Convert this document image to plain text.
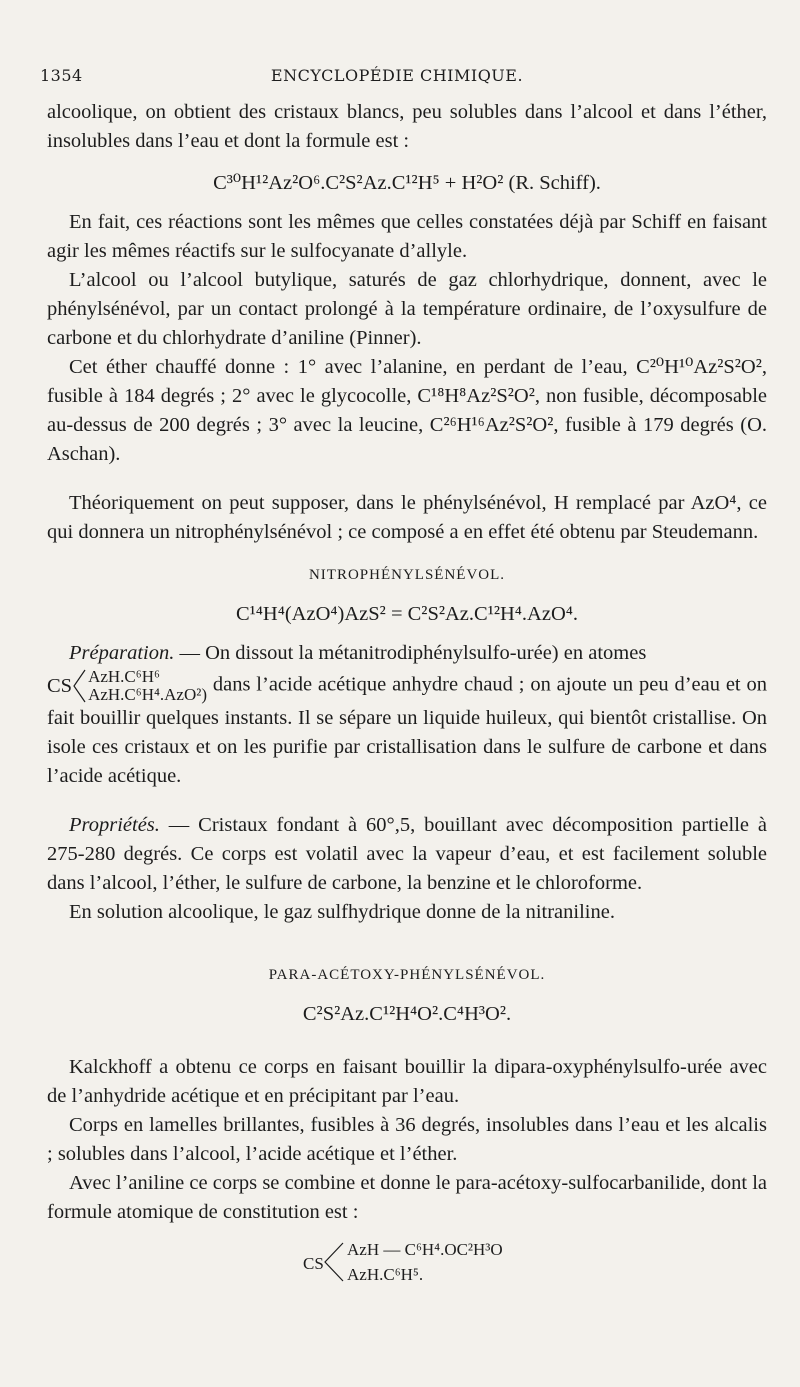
1354	ENCYCLOPÉDIE CHIMIQUE.

alcoolique, on obtient des cristaux blancs, peu solubles dans l’alcool et dans l’éther, insolubles dans l’eau et dont la formule est :

C³⁰H¹²Az²O⁶.C²S²Az.C¹²H⁵ + H²O² (R. Schiff).

En fait, ces réactions sont les mêmes que celles constatées déjà par Schiff en faisant agir les mêmes réactifs sur le sulfocyanate d’allyle.

L’alcool ou l’alcool butylique, saturés de gaz chlorhydrique, donnent, avec le phénylsénévol, par un contact prolongé à la température ordinaire, de l’oxysulfure de carbone et du chlorhydrate d’aniline (Pinner).

Cet éther chauffé donne : 1° avec l’alanine, en perdant de l’eau, C²⁰H¹⁰Az²S²O², fusible à 184 degrés ; 2° avec le glycocolle, C¹⁸H⁸Az²S²O², non fusible, décomposable au-dessus de 200 degrés ; 3° avec la leucine, C²⁶H¹⁶Az²S²O², fusible à 179 degrés (O. Aschan).

Théoriquement on peut supposer, dans le phénylsénévol, H remplacé par AzO⁴, ce qui donnera un nitrophénylsénévol ; ce composé a en effet été obtenu par Steudemann.

NITROPHÉNYLSÉNÉVOL.

C¹⁴H⁴(AzO⁴)AzS² = C²S²Az.C¹²H⁴.AzO⁴.

Préparation. — On dissout la métanitrodiphénylsulfo-urée) en atomes

CS AzH.C⁶H⁶
AzH.C⁶H⁴.AzO²) dans l’acide acétique anhydre chaud ; on ajoute un peu d’eau et on fait bouillir quelques instants. Il se sépare un liquide huileux, qui bientôt cristallise. On isole ces cristaux et on les purifie par cristallisation dans le sulfure de carbone et dans l’acide acétique.

Propriétés. — Cristaux fondant à 60°,5, bouillant avec décomposition partielle à 275-280 degrés. Ce corps est volatil avec la vapeur d’eau, et est facilement soluble dans l’alcool, l’éther, le sulfure de carbone, la benzine et le chloroforme.

En solution alcoolique, le gaz sulfhydrique donne de la nitraniline.

PARA-ACÉTOXY-PHÉNYLSÉNÉVOL.

C²S²Az.C¹²H⁴O².C⁴H³O².

Kalckhoff a obtenu ce corps en faisant bouillir la dipara-oxyphénylsulfo-urée avec de l’anhydride acétique et en précipitant par l’eau.

Corps en lamelles brillantes, fusibles à 36 degrés, insolubles dans l’eau et les alcalis ; solubles dans l’alcool, l’acide acétique et l’éther.

Avec l’aniline ce corps se combine et donne le para-acétoxy-sulfocarbanilide, dont la formule atomique de constitution est :

CS
AzH — C⁶H⁴.OC²H³O
AzH.C⁶H⁵.
